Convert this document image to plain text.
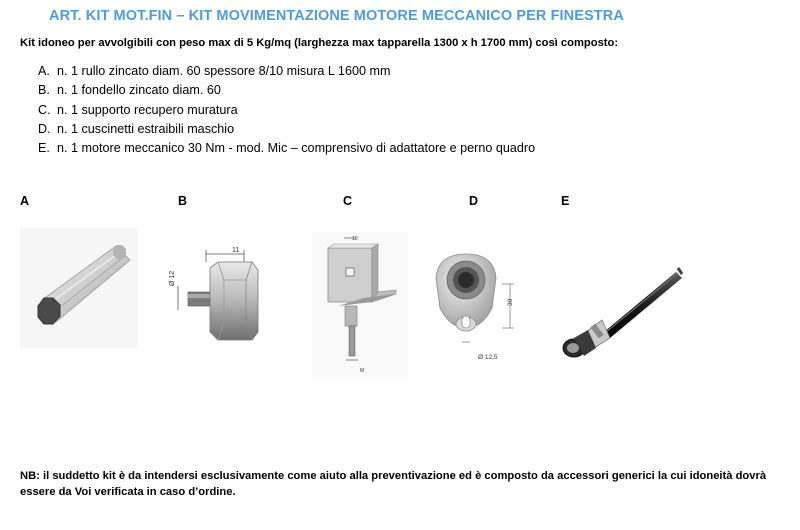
ART. KIT MOT.FIN – KIT MOVIMENTAZIONE MOTORE MECCANICO PER FINESTRA
Kit idoneo per avvolgibili con peso max di 5 Kg/mq (larghezza max tapparella 1300 x h 1700 mm) così composto:
A. n. 1 rullo zincato diam. 60 spessore 8/10 misura L 1600 mm
B. n. 1 fondello zincato diam. 60
C. n. 1 supporto recupero muratura
D. n. 1 cuscinetti estraibili maschio
E. n. 1 motore meccanico 30 Nm - mod. Mic – comprensivo di adattatore e perno quadro
A	B	C	D	E
11
Ø 12
10
M
30
Ø 12,5
NB: il suddetto kit è da intendersi esclusivamente come aiuto alla preventivazione ed è composto da accessori generici la cui idoneità dovrà essere da Voi verificata in caso d’ordine.
